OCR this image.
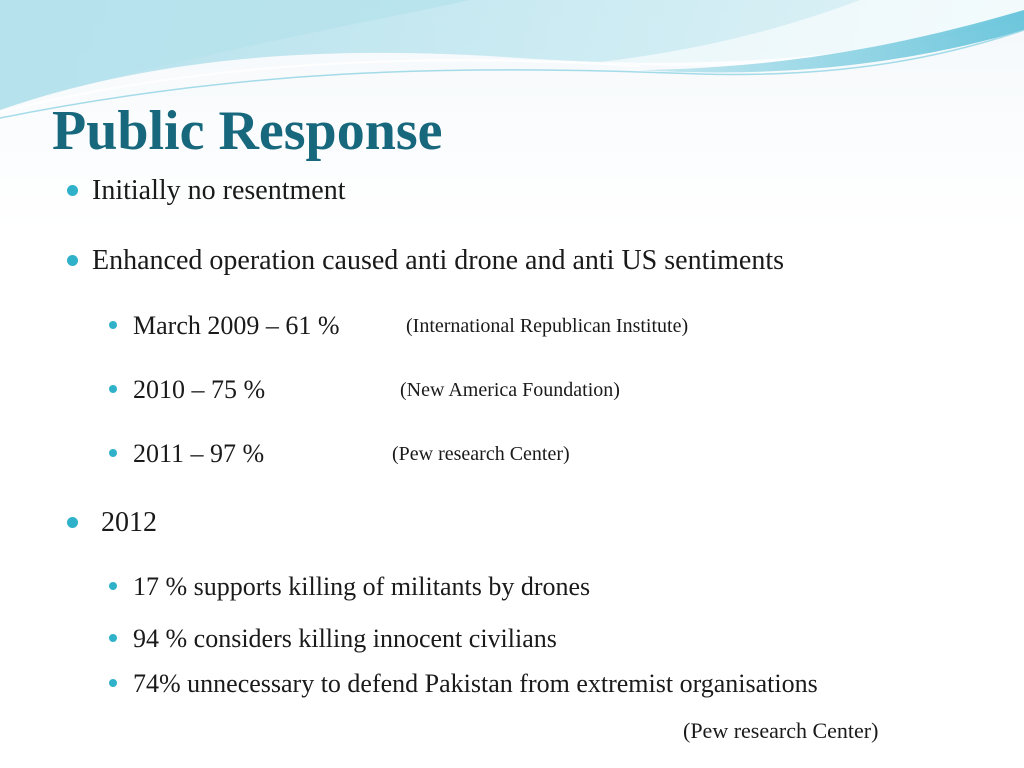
Public Response
Initially no resentment
Enhanced operation caused anti drone and anti US sentiments
March 2009 – 61 %	(International Republican Institute)
2010 – 75 %	(New America Foundation)
2011 – 97 %	(Pew research Center)
2012
17 % supports killing of militants by drones
94 % considers killing innocent civilians
74% unnecessary to defend Pakistan from extremist organisations
(Pew research Center)
